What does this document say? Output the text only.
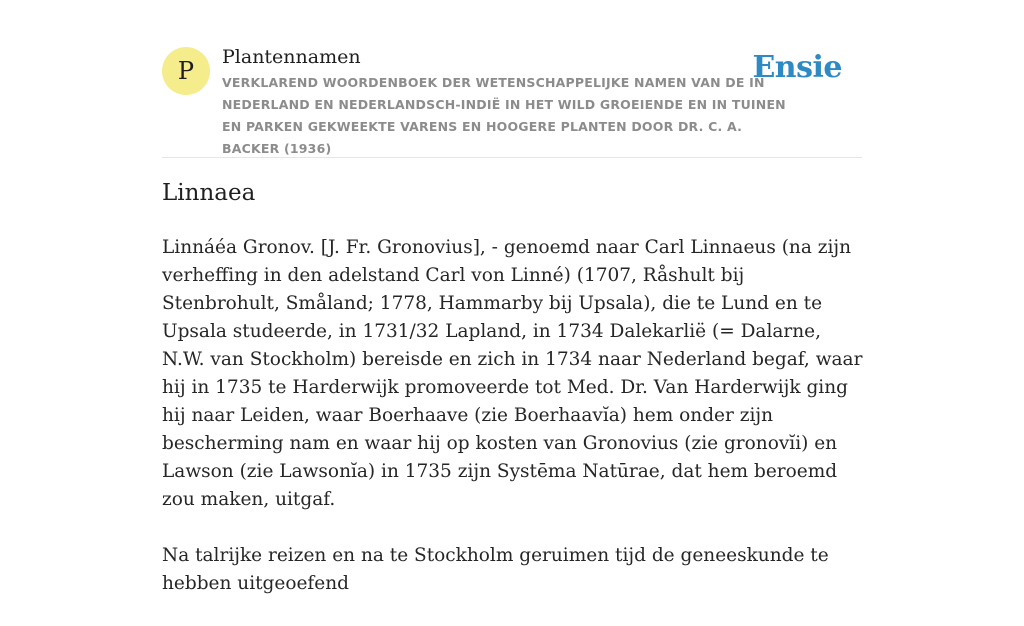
P	Plantennamen
VERKLAREND WOORDENBOEK DER WETENSCHAPPELIJKE NAMEN VAN DE IN NEDERLAND EN NEDERLANDSCH-INDIË IN HET WILD GROEIENDE EN IN TUINEN EN PARKEN GEKWEEKTE VARENS EN HOOGERE PLANTEN DOOR DR. C. A. BACKER (1936)
Ensie
Linnaea

Linnáéa Gronov. [J. Fr. Gronovius], - genoemd naar Carl Linnaeus (na zijn verheffing in den adelstand Carl von Linné) (1707, Råshult bij Stenbrohult, Småland; 1778, Hammarby bij Upsala), die te Lund en te Upsala studeerde, in 1731/32 Lapland, in 1734 Dalekarlië (= Dalarne, N.W. van Stockholm) bereisde en zich in 1734 naar Nederland begaf, waar hij in 1735 te Harderwijk promoveerde tot Med. Dr. Van Harderwijk ging hij naar Leiden, waar Boerhaave (zie Boerhaavĭa) hem onder zijn bescherming nam en waar hij op kosten van Gronovius (zie gronovĭi) en Lawson (zie Lawsonĭa) in 1735 zijn Systēma Natūrae, dat hem beroemd zou maken, uitgaf.

Na talrijke reizen en na te Stockholm geruimen tijd de geneeskunde te hebben uitgeoefend
